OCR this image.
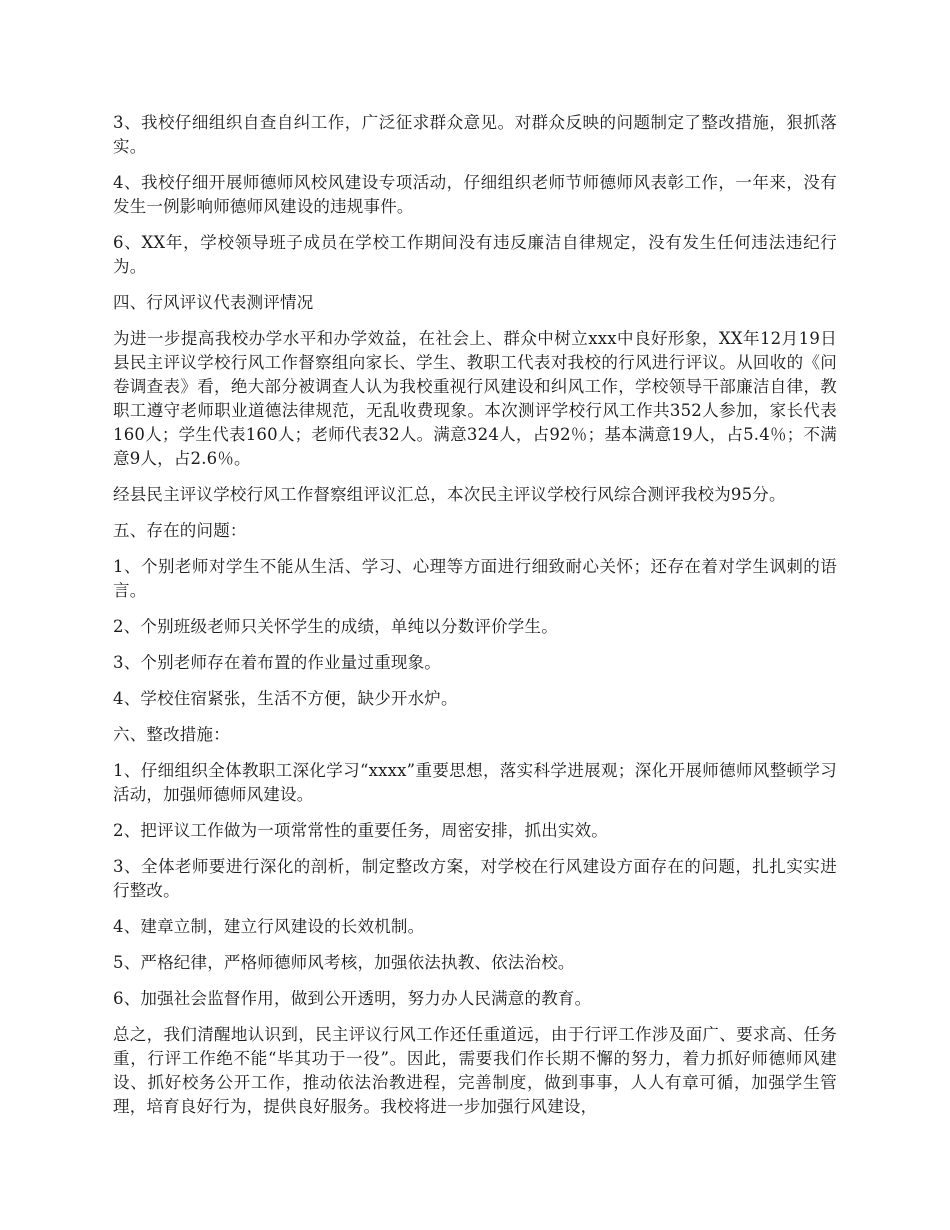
3、我校仔细组织自查自纠工作，广泛征求群众意见。对群众反映的问题制定了整改措施，狠抓落实。

4、我校仔细开展师德师风校风建设专项活动，仔细组织老师节师德师风表彰工作，一年来，没有发生一例影响师德师风建设的违规事件。

6、XX年，学校领导班子成员在学校工作期间没有违反廉洁自律规定，没有发生任何违法违纪行为。

四、行风评议代表测评情况

为进一步提高我校办学水平和办学效益，在社会上、群众中树立xxx中良好形象，XX年12月19日县民主评议学校行风工作督察组向家长、学生、教职工代表对我校的行风进行评议。从回收的《问卷调查表》看，绝大部分被调查人认为我校重视行风建设和纠风工作，学校领导干部廉洁自律，教职工遵守老师职业道德法律规范，无乱收费现象。本次测评学校行风工作共352人参加，家长代表160人；学生代表160人；老师代表32人。满意324人，占92％；基本满意19人，占5.4％；不满意9人，占2.6％。

经县民主评议学校行风工作督察组评议汇总，本次民主评议学校行风综合测评我校为95分。

五、存在的问题：

1、个别老师对学生不能从生活、学习、心理等方面进行细致耐心关怀；还存在着对学生讽刺的语言。

2、个别班级老师只关怀学生的成绩，单纯以分数评价学生。

3、个别老师存在着布置的作业量过重现象。

4、学校住宿紧张，生活不方便，缺少开水炉。

六、整改措施：

1、仔细组织全体教职工深化学习“xxxx”重要思想，落实科学进展观；深化开展师德师风整顿学习活动，加强师德师风建设。

2、把评议工作做为一项常常性的重要任务，周密安排，抓出实效。

3、全体老师要进行深化的剖析，制定整改方案，对学校在行风建设方面存在的问题，扎扎实实进行整改。

4、建章立制，建立行风建设的长效机制。

5、严格纪律，严格师德师风考核，加强依法执教、依法治校。

6、加强社会监督作用，做到公开透明，努力办人民满意的教育。

总之，我们清醒地认识到，民主评议行风工作还任重道远，由于行评工作涉及面广、要求高、任务重，行评工作绝不能“毕其功于一役”。因此，需要我们作长期不懈的努力，着力抓好师德师风建设、抓好校务公开工作，推动依法治教进程，完善制度，做到事事，人人有章可循，加强学生管理，培育良好行为，提供良好服务。我校将进一步加强行风建设，
